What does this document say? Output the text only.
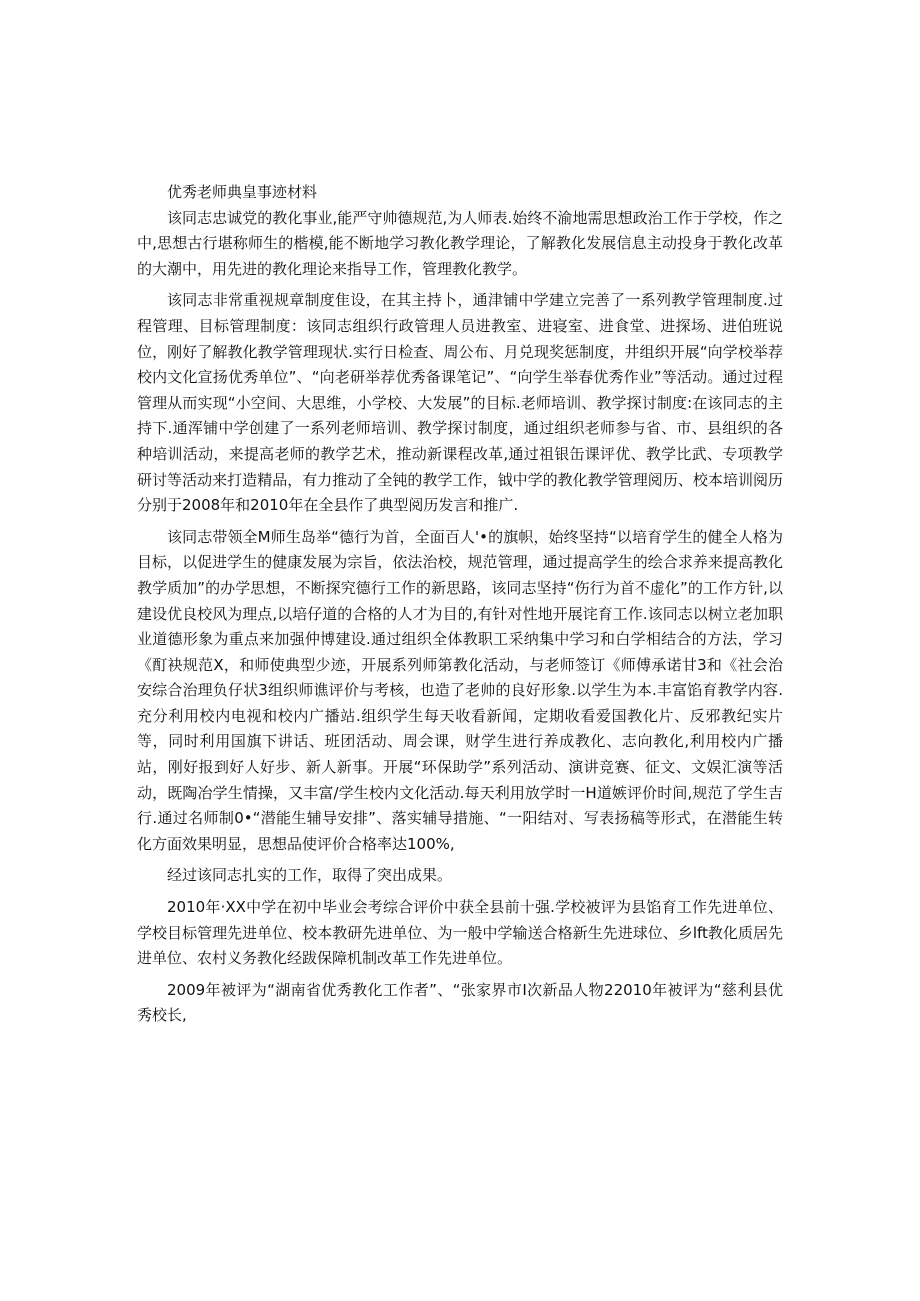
优秀老师典皇事迹材料

该同志忠诚党的教化事业,能严守帅德规范,为人师表.始终不渝地需思想政治工作于学校，作之中,思想古行堪称师生的楷模,能不断地学习教化教学理论，了解教化发展信息主动投身于教化改革的大潮中，用先进的教化理论来指导工作，管理教化教学。

该同志非常重视规章制度隹设，在其主持卜，通津铺中学建立完善了一系列教学管理制度.过程管理、目标管理制度：该同志组织行政管理人员进教室、进寝室、进食堂、进探场、进伯班说位，刚好了解教化教学管理现状.实行日检查、周公布、月兑现奖惩制度，井组织开展“向学校举荐校内文化宣扬优秀单位”、“向老研举荐优秀备课笔记”、“向学生举春优秀作业”等活动。通过过程管理从而实现“小空间、大思维，小学校、大发展”的目标.老师培训、教学探讨制度:在该同志的主持下.通浑铺中学创建了一系列老师培训、教学探讨制度，通过组织老师参与省、市、县组织的各种培训活动，来提高老师的教学艺术，推动新课程改革,通过祖银缶课评优、教学比武、专项教学研讨等活动来打造精品，有力推动了全钝的教学工作，钺中学的教化教学管理阅历、校本培训阅历分别于2008年和2010年在全县作了典型阅历发言和推广.

该同志带领全M师生岛举“德行为首，全面百人'•的旗帜，始终坚持“以培育学生的健全人格为目标，以促进学生的健康发展为宗旨，依法治校，规范管理，通过提高学生的绘合求养来提高教化教学质加”的办学思想，不断探究德行工作的新思路，该同志坚持“伤行为首不虚化”的工作方针,以建设优良校风为理点,以培仔道的合格的人才为目的,有针对性地开展诧育工作.该同志以树立老加职业道德形象为重点来加强仲博建设.通过组织全体教职工采纳集中学习和白学相结合的方法，学习《酊袂规范X，和师使典型少迹，开展系列师第教化活动，与老师签订《师傅承诺甘3和《社会治安综合治理负仔状3组织师谯评价与考核，也造了老帅的良好形象.以学生为本.丰富馅育教学内容.充分利用校内电视和校内广播站.组织学生每天收看新闻，定期收看爱国教化片、反邪教纪实片等，同时利用国旗下讲话、班团活动、周会课，财学生进行养成教化、志向教化,利用校内广播站，刚好报到好人好步、新人新事。开展“环保助学”系列活动、演讲竞赛、征文、文娱汇演等活动，既陶冶学生情操，又丰富/学生校内文化活动.每天利用放学时一Η道嫉评价时间,规范了学生吉行.通过名师制0•“潜能生辅导安排”、落实辅导措施、“一阳结对、写表扬稿等形式，在潜能生转化方面效果明显，思想品使评价合格率达100%,

经过该同志扎实的工作，取得了突出成果。

2010年·XX中学在初中毕业会考综合评价中获全县前十强.学校被评为县馅育工作先进单位、学校目标管理先进单位、校本教研先进单位、为一般中学输送合格新生先进球位、乡lft教化质居先进单位、农村义务教化经跋保障机制改革工作先进单位。

2009年被评为“湖南省优秀教化工作者”、“张家界市I次新品人物22010年被评为“慈利县优秀校长,
